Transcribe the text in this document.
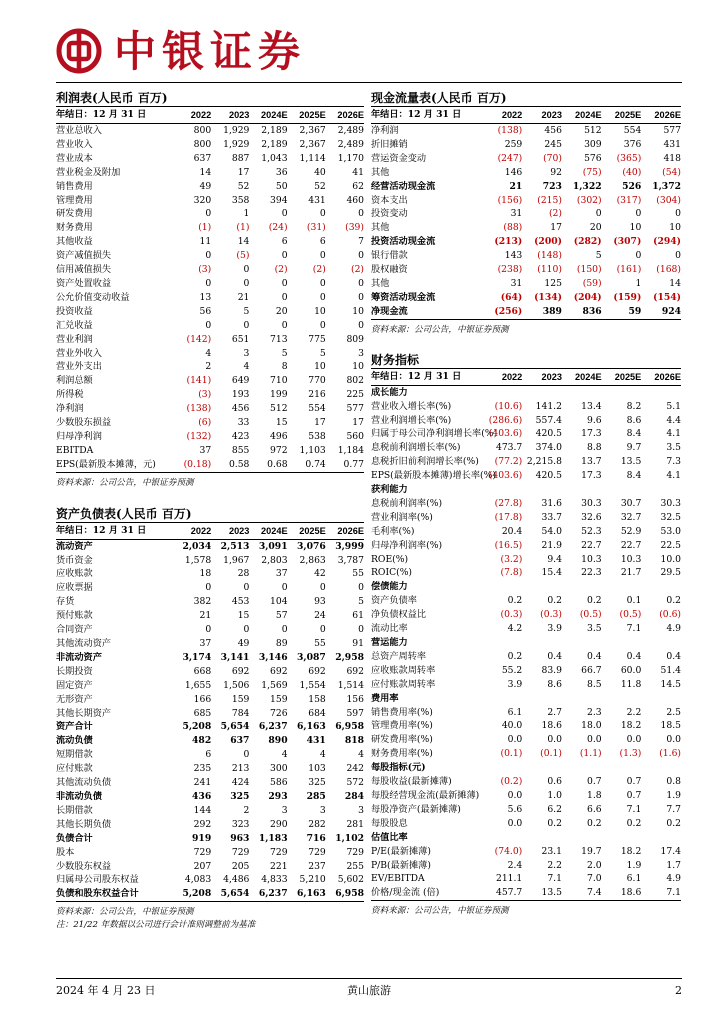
中银证券
利润表(人民币 百万)
年结日：12 月 31 日	2022	2023	2024E	2025E	2026E
营业总收入	800	1,929	2,189	2,367	2,489
营业收入	800	1,929	2,189	2,367	2,489
营业成本	637	887	1,043	1,114	1,170
营业税金及附加	14	17	36	40	41
销售费用	49	52	50	52	62
管理费用	320	358	394	431	460
研发费用	0	1	0	0	0
财务费用	(1)	(1)	(24)	(31)	(39)
其他收益	11	14	6	6	7
资产减值损失	0	(5)	0	0	0
信用减值损失	(3)	0	(2)	(2)	(2)
资产处置收益	0	0	0	0	0
公允价值变动收益	13	21	0	0	0
投资收益	56	5	20	10	10
汇兑收益	0	0	0	0	0
营业利润	(142)	651	713	775	809
营业外收入	4	3	5	5	3
营业外支出	2	4	8	10	10
利润总额	(141)	649	710	770	802
所得税	(3)	193	199	216	225
净利润	(138)	456	512	554	577
少数股东损益	(6)	33	15	17	17
归母净利润	(132)	423	496	538	560
EBITDA	37	855	972	1,103	1,184
EPS(最新股本摊薄，元)	(0.18)	0.58	0.68	0.74	0.77
资料来源：公司公告，中银证券预测
资产负债表(人民币 百万)
年结日：12 月 31 日	2022	2023	2024E	2025E	2026E
流动资产	2,034	2,513	3,091	3,076	3,999
货币资金	1,578	1,967	2,803	2,863	3,787
应收账款	18	28	37	42	55
应收票据	0	0	0	0	0
存货	382	453	104	93	5
预付账款	21	15	57	24	61
合同资产	0	0	0	0	0
其他流动资产	37	49	89	55	91
非流动资产	3,174	3,141	3,146	3,087	2,958
长期投资	668	692	692	692	692
固定资产	1,655	1,506	1,569	1,554	1,514
无形资产	166	159	159	158	156
其他长期资产	685	784	726	684	597
资产合计	5,208	5,654	6,237	6,163	6,958
流动负债	482	637	890	431	818
短期借款	6	0	4	4	4
应付账款	235	213	300	103	242
其他流动负债	241	424	586	325	572
非流动负债	436	325	293	285	284
长期借款	144	2	3	3	3
其他长期负债	292	323	290	282	281
负债合计	919	963	1,183	716	1,102
股本	729	729	729	729	729
少数股东权益	207	205	221	237	255
归属母公司股东权益	4,083	4,486	4,833	5,210	5,602
负债和股东权益合计	5,208	5,654	6,237	6,163	6,958
资料来源：公司公告，中银证券预测
注：21/22 年数据以公司进行会计准则调整前为基准
现金流量表(人民币 百万)
年结日：12 月 31 日	2022	2023	2024E	2025E	2026E
净利润	(138)	456	512	554	577
折旧摊销	259	245	309	376	431
营运资金变动	(247)	(70)	576	(365)	418
其他	146	92	(75)	(40)	(54)
经营活动现金流	21	723	1,322	526	1,372
资本支出	(156)	(215)	(302)	(317)	(304)
投资变动	31	(2)	0	0	0
其他	(88)	17	20	10	10
投资活动现金流	(213)	(200)	(282)	(307)	(294)
银行借款	143	(148)	5	0	0
股权融资	(238)	(110)	(150)	(161)	(168)
其他	31	125	(59)	1	14
筹资活动现金流	(64)	(134)	(204)	(159)	(154)
净现金流	(256)	389	836	59	924
资料来源：公司公告，中银证券预测
财务指标
年结日：12 月 31 日	2022	2023	2024E	2025E	2026E
成长能力					
营业收入增长率(%)	(10.6)	141.2	13.4	8.2	5.1
营业利润增长率(%)	(286.6)	557.4	9.6	8.6	4.4
归属于母公司净利润增长率(%)	(403.6)	420.5	17.3	8.4	4.1
息税前利润增长率(%)	473.7	374.0	8.8	9.7	3.5
息税折旧前利润增长率(%)	(77.2)	2,215.8	13.7	13.5	7.3
EPS(最新股本摊薄)增长率(%)	(403.6)	420.5	17.3	8.4	4.1
获利能力					
息税前利润率(%)	(27.8)	31.6	30.3	30.7	30.3
营业利润率(%)	(17.8)	33.7	32.6	32.7	32.5
毛利率(%)	20.4	54.0	52.3	52.9	53.0
归母净利润率(%)	(16.5)	21.9	22.7	22.7	22.5
ROE(%)	(3.2)	9.4	10.3	10.3	10.0
ROIC(%)	(7.8)	15.4	22.3	21.7	29.5
偿债能力					
资产负债率	0.2	0.2	0.2	0.1	0.2
净负债权益比	(0.3)	(0.3)	(0.5)	(0.5)	(0.6)
流动比率	4.2	3.9	3.5	7.1	4.9
营运能力					
总资产周转率	0.2	0.4	0.4	0.4	0.4
应收账款周转率	55.2	83.9	66.7	60.0	51.4
应付账款周转率	3.9	8.6	8.5	11.8	14.5
费用率					
销售费用率(%)	6.1	2.7	2.3	2.2	2.5
管理费用率(%)	40.0	18.6	18.0	18.2	18.5
研发费用率(%)	0.0	0.0	0.0	0.0	0.0
财务费用率(%)	(0.1)	(0.1)	(1.1)	(1.3)	(1.6)
每股指标(元)					
每股收益(最新摊薄)	(0.2)	0.6	0.7	0.7	0.8
每股经营现金流(最新摊薄)	0.0	1.0	1.8	0.7	1.9
每股净资产(最新摊薄)	5.6	6.2	6.6	7.1	7.7
每股股息	0.0	0.2	0.2	0.2	0.2
估值比率					
P/E(最新摊薄)	(74.0)	23.1	19.7	18.2	17.4
P/B(最新摊薄)	2.4	2.2	2.0	1.9	1.7
EV/EBITDA	211.1	7.1	7.0	6.1	4.9
价格/现金流 (倍)	457.7	13.5	7.4	18.6	7.1
资料来源：公司公告，中银证券预测
2024 年 4 月 23 日	黄山旅游	2
